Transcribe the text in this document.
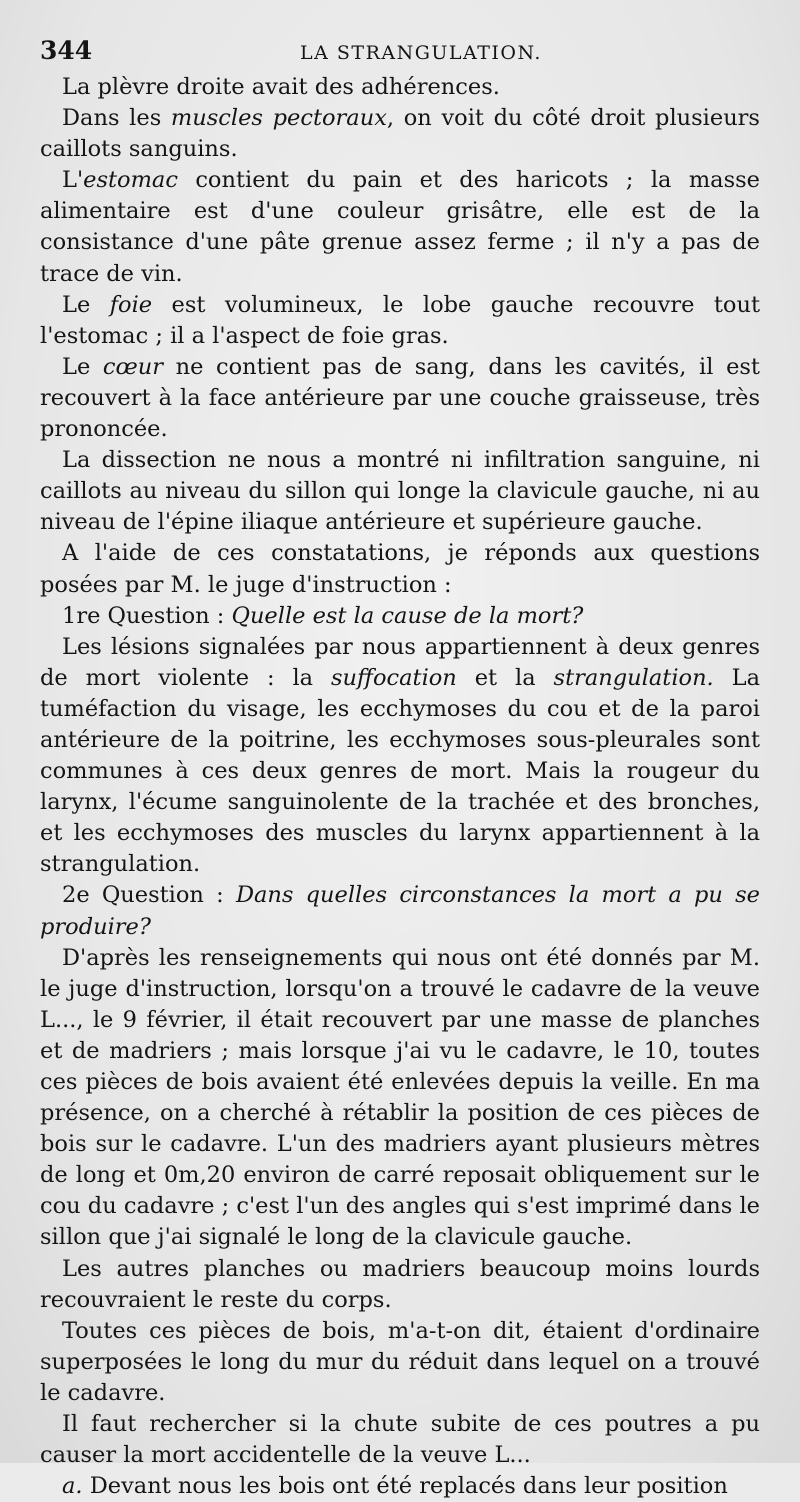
344	LA STRANGULATION.

La plèvre droite avait des adhérences.

Dans les muscles pectoraux, on voit du côté droit plusieurs caillots sanguins.

L'estomac contient du pain et des haricots ; la masse alimentaire est d'une couleur grisâtre, elle est de la consistance d'une pâte grenue assez ferme ; il n'y a pas de trace de vin.

Le foie est volumineux, le lobe gauche recouvre tout l'estomac ; il a l'aspect de foie gras.

Le cœur ne contient pas de sang, dans les cavités, il est recouvert à la face antérieure par une couche graisseuse, très prononcée.

La dissection ne nous a montré ni infiltration sanguine, ni caillots au niveau du sillon qui longe la clavicule gauche, ni au niveau de l'épine iliaque antérieure et supérieure gauche.

A l'aide de ces constatations, je réponds aux questions posées par M. le juge d'instruction :

1re Question : Quelle est la cause de la mort?

Les lésions signalées par nous appartiennent à deux genres de mort violente : la suffocation et la strangulation. La tuméfaction du visage, les ecchymoses du cou et de la paroi antérieure de la poitrine, les ecchymoses sous-pleurales sont communes à ces deux genres de mort. Mais la rougeur du larynx, l'écume sanguinolente de la trachée et des bronches, et les ecchymoses des muscles du larynx appartiennent à la strangulation.

2e Question : Dans quelles circonstances la mort a pu se produire?

D'après les renseignements qui nous ont été donnés par M. le juge d'instruction, lorsqu'on a trouvé le cadavre de la veuve L..., le 9 février, il était recouvert par une masse de planches et de madriers ; mais lorsque j'ai vu le cadavre, le 10, toutes ces pièces de bois avaient été enlevées depuis la veille. En ma présence, on a cherché à rétablir la position de ces pièces de bois sur le cadavre. L'un des madriers ayant plusieurs mètres de long et 0m,20 environ de carré reposait obliquement sur le cou du cadavre ; c'est l'un des angles qui s'est imprimé dans le sillon que j'ai signalé le long de la clavicule gauche.

Les autres planches ou madriers beaucoup moins lourds recouvraient le reste du corps.

Toutes ces pièces de bois, m'a-t-on dit, étaient d'ordinaire superposées le long du mur du réduit dans lequel on a trouvé le cadavre.

Il faut rechercher si la chute subite de ces poutres a pu causer la mort accidentelle de la veuve L...

a. Devant nous les bois ont été replacés dans leur position
